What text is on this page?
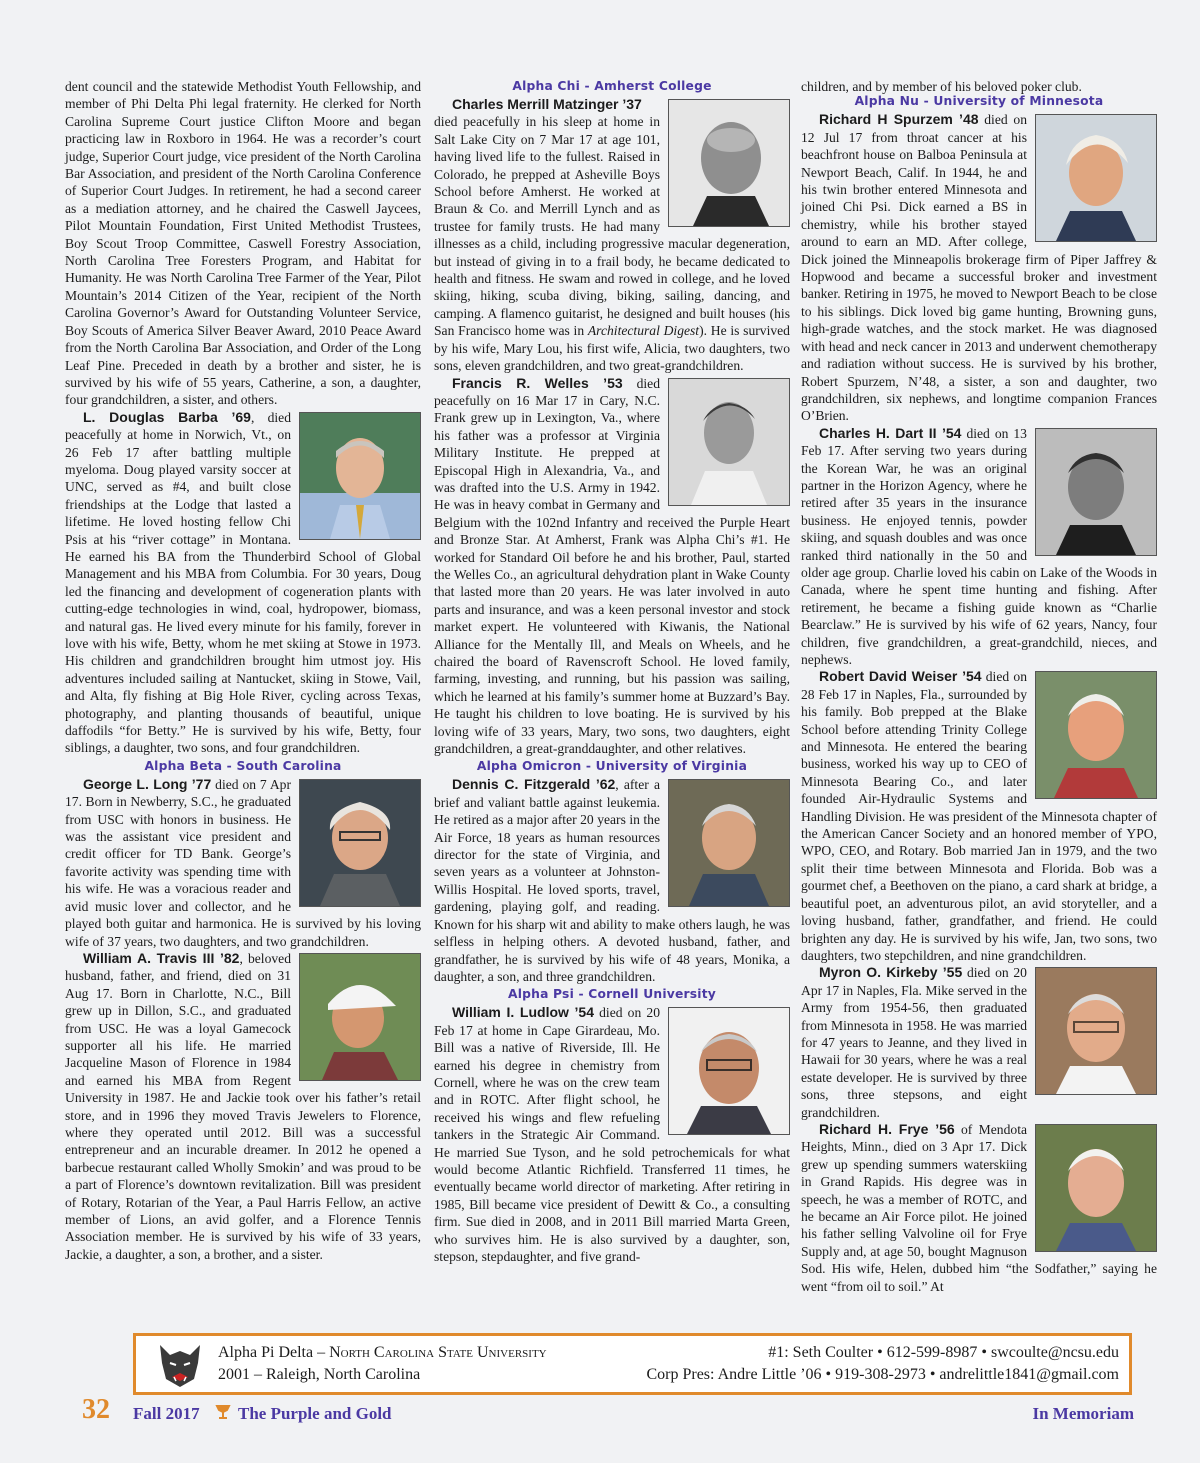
dent council and the statewide Methodist Youth Fellowship, and member of Phi Delta Phi legal fraternity. He clerked for North Carolina Supreme Court justice Clifton Moore and began practicing law in Roxboro in 1964. He was a recorder’s court judge, Superior Court judge, vice president of the North Carolina Bar Association, and president of the North Carolina Conference of Superior Court Judges. In retirement, he had a second career as a mediation attorney, and he chaired the Caswell Jaycees, Pilot Mountain Foundation, First United Methodist Trustees, Boy Scout Troop Committee, Caswell Forestry Association, North Carolina Tree Foresters Program, and Habitat for Humanity. He was North Carolina Tree Farmer of the Year, Pilot Mountain’s 2014 Citizen of the Year, recipient of the North Carolina Governor’s Award for Outstanding Volunteer Service, Boy Scouts of America Silver Beaver Award, 2010 Peace Award from the North Carolina Bar Association, and Order of the Long Leaf Pine. Preceded in death by a brother and sister, he is survived by his wife of 55 years, Catherine, a son, a daughter, four grandchildren, a sister, and others.

L. Douglas Barba ’69, died peacefully at home in Norwich, Vt., on 26 Feb 17 after battling multiple myeloma. Doug played varsity soccer at UNC, served as #4, and built close friendships at the Lodge that lasted a lifetime. He loved hosting fellow Chi Psis at his “river cottage” in Montana. He earned his BA from the Thunderbird School of Global Management and his MBA from Columbia. For 30 years, Doug led the financing and development of cogeneration plants with cutting-edge technologies in wind, coal, hydropower, biomass, and natural gas. He lived every minute for his family, forever in love with his wife, Betty, whom he met skiing at Stowe in 1973. His children and grandchildren brought him utmost joy. His adventures included sailing at Nantucket, skiing in Stowe, Vail, and Alta, fly fishing at Big Hole River, cycling across Texas, photography, and planting thousands of beautiful, unique daffodils “for Betty.” He is survived by his wife, Betty, four siblings, a daughter, two sons, and four grandchildren.

Alpha Beta - South Carolina

George L. Long ’77 died on 7 Apr 17. Born in Newberry, S.C., he graduated from USC with honors in business. He was the assistant vice president and credit officer for TD Bank. George’s favorite activity was spending time with his wife. He was a voracious reader and avid music lover and collector, and he played both guitar and harmonica. He is survived by his loving wife of 37 years, two daughters, and two grandchildren.

William A. Travis III ’82, beloved husband, father, and friend, died on 31 Aug 17. Born in Charlotte, N.C., Bill grew up in Dillon, S.C., and graduated from USC. He was a loyal Gamecock supporter all his life. He married Jacqueline Mason of Florence in 1984 and earned his MBA from Regent University in 1987. He and Jackie took over his father’s retail store, and in 1996 they moved Travis Jewelers to Florence, where they operated until 2012. Bill was a successful entrepreneur and an incurable dreamer. In 2012 he opened a barbecue restaurant called Wholly Smokin’ and was proud to be a part of Florence’s downtown revitalization. Bill was president of Rotary, Rotarian of the Year, a Paul Harris Fellow, an active member of Lions, an avid golfer, and a Florence Tennis Association member. He is survived by his wife of 33 years, Jackie, a daughter, a son, a brother, and a sister.

Alpha Chi - Amherst College

Charles Merrill Matzinger ’37
died peacefully in his sleep at home in Salt Lake City on 7 Mar 17 at age 101, having lived life to the fullest. Raised in Colorado, he prepped at Asheville Boys School before Amherst. He worked at Braun & Co. and Merrill Lynch and as trustee for family trusts. He had many illnesses as a child, including progressive macular degeneration, but instead of giving in to a frail body, he became dedicated to health and fitness. He swam and rowed in college, and he loved skiing, hiking, scuba diving, biking, sailing, dancing, and camping. A flamenco guitarist, he designed and built houses (his San Francisco home was in Architectural Digest). He is survived by his wife, Mary Lou, his first wife, Alicia, two daughters, two sons, eleven grandchildren, and two great-grandchildren.

Francis R. Welles ’53 died peacefully on 16 Mar 17 in Cary, N.C. Frank grew up in Lexington, Va., where his father was a professor at Virginia Military Institute. He prepped at Episcopal High in Alexandria, Va., and was drafted into the U.S. Army in 1942. He was in heavy combat in Germany and Belgium with the 102nd Infantry and received the Purple Heart and Bronze Star. At Amherst, Frank was Alpha Chi’s #1. He worked for Standard Oil before he and his brother, Paul, started the Welles Co., an agricultural dehydration plant in Wake County that lasted more than 20 years. He was later involved in auto parts and insurance, and was a keen personal investor and stock market expert. He volunteered with Kiwanis, the National Alliance for the Mentally Ill, and Meals on Wheels, and he chaired the board of Ravenscroft School. He loved family, farming, investing, and running, but his passion was sailing, which he learned at his family’s summer home at Buzzard’s Bay. He taught his children to love boating. He is survived by his loving wife of 33 years, Mary, two sons, two daughters, eight grandchildren, a great-granddaughter, and other relatives.

Alpha Omicron - University of Virginia

Dennis C. Fitzgerald ’62, after a brief and valiant battle against leukemia. He retired as a major after 20 years in the Air Force, 18 years as human resources director for the state of Virginia, and seven years as a volunteer at Johnston-Willis Hospital. He loved sports, travel, gardening, playing golf, and reading. Known for his sharp wit and ability to make others laugh, he was selfless in helping others. A devoted husband, father, and grandfather, he is survived by his wife of 48 years, Monika, a daughter, a son, and three grandchildren.

Alpha Psi - Cornell University

William I. Ludlow ’54 died on 20 Feb 17 at home in Cape Girardeau, Mo. Bill was a native of Riverside, Ill. He earned his degree in chemistry from Cornell, where he was on the crew team and in ROTC. After flight school, he received his wings and flew refueling tankers in the Strategic Air Command. He married Sue Tyson, and he sold petrochemicals for what would become Atlantic Richfield. Transferred 11 times, he eventually became world director of marketing. After retiring in 1985, Bill became vice president of Dewitt & Co., a consulting firm. Sue died in 2008, and in 2011 Bill married Marta Green, who survives him. He is also survived by a daughter, son, stepson, stepdaughter, and five grand-

children, and by member of his beloved poker club.

Alpha Nu - University of Minnesota

Richard H Spurzem ’48 died on 12 Jul 17 from throat cancer at his beachfront house on Balboa Peninsula at Newport Beach, Calif. In 1944, he and his twin brother entered Minnesota and joined Chi Psi. Dick earned a BS in chemistry, while his brother stayed around to earn an MD. After college, Dick joined the Minneapolis brokerage firm of Piper Jaffrey & Hopwood and became a successful broker and investment banker. Retiring in 1975, he moved to Newport Beach to be close to his siblings. Dick loved big game hunting, Browning guns, high-grade watches, and the stock market. He was diagnosed with head and neck cancer in 2013 and underwent chemotherapy and radiation without success. He is survived by his brother, Robert Spurzem, N’48, a sister, a son and daughter, two grandchildren, six nephews, and longtime companion Frances O’Brien.

Charles H. Dart II ’54 died on 13 Feb 17. After serving two years during the Korean War, he was an original partner in the Horizon Agency, where he retired after 35 years in the insurance business. He enjoyed tennis, powder skiing, and squash doubles and was once ranked third nationally in the 50 and older age group. Charlie loved his cabin on Lake of the Woods in Canada, where he spent time hunting and fishing. After retirement, he became a fishing guide known as “Charlie Bearclaw.” He is survived by his wife of 62 years, Nancy, four children, five grandchildren, a great-grandchild, nieces, and nephews.

Robert David Weiser ’54 died on 28 Feb 17 in Naples, Fla., surrounded by his family. Bob prepped at the Blake School before attending Trinity College and Minnesota. He entered the bearing business, worked his way up to CEO of Minnesota Bearing Co., and later founded Air-Hydraulic Systems and Handling Division. He was president of the Minnesota chapter of the American Cancer Society and an honored member of YPO, WPO, CEO, and Rotary. Bob married Jan in 1979, and the two split their time between Minnesota and Florida. Bob was a gourmet chef, a Beethoven on the piano, a card shark at bridge, a beautiful poet, an adventurous pilot, an avid storyteller, and a loving husband, father, grandfather, and friend. He could brighten any day. He is survived by his wife, Jan, two sons, two daughters, two stepchildren, and nine grandchildren.

Myron O. Kirkeby ’55 died on 20 Apr 17 in Naples, Fla. Mike served in the Army from 1954-56, then graduated from Minnesota in 1958. He was married for 47 years to Jeanne, and they lived in Hawaii for 30 years, where he was a real estate developer. He is survived by three sons, three stepsons, and eight grandchildren.

Richard H. Frye ’56 of Mendota Heights, Minn., died on 3 Apr 17. Dick grew up spending summers waterskiing in Grand Rapids. His degree was in speech, he was a member of ROTC, and he became an Air Force pilot. He joined his father selling Valvoline oil for Frye Supply and, at age 50, bought Magnuson Sod. His wife, Helen, dubbed him “the Sodfather,” saying he went “from oil to soil.” At

Alpha Pi Delta – North Carolina State University
2001 – Raleigh, North Carolina
#1: Seth Coulter • 612-599-8987 • swcoulte@ncsu.edu
Corp Pres: Andre Little ’06 • 919-308-2973 • andrelittle1841@gmail.com
32 Fall 2017 The Purple and Gold	In Memoriam
